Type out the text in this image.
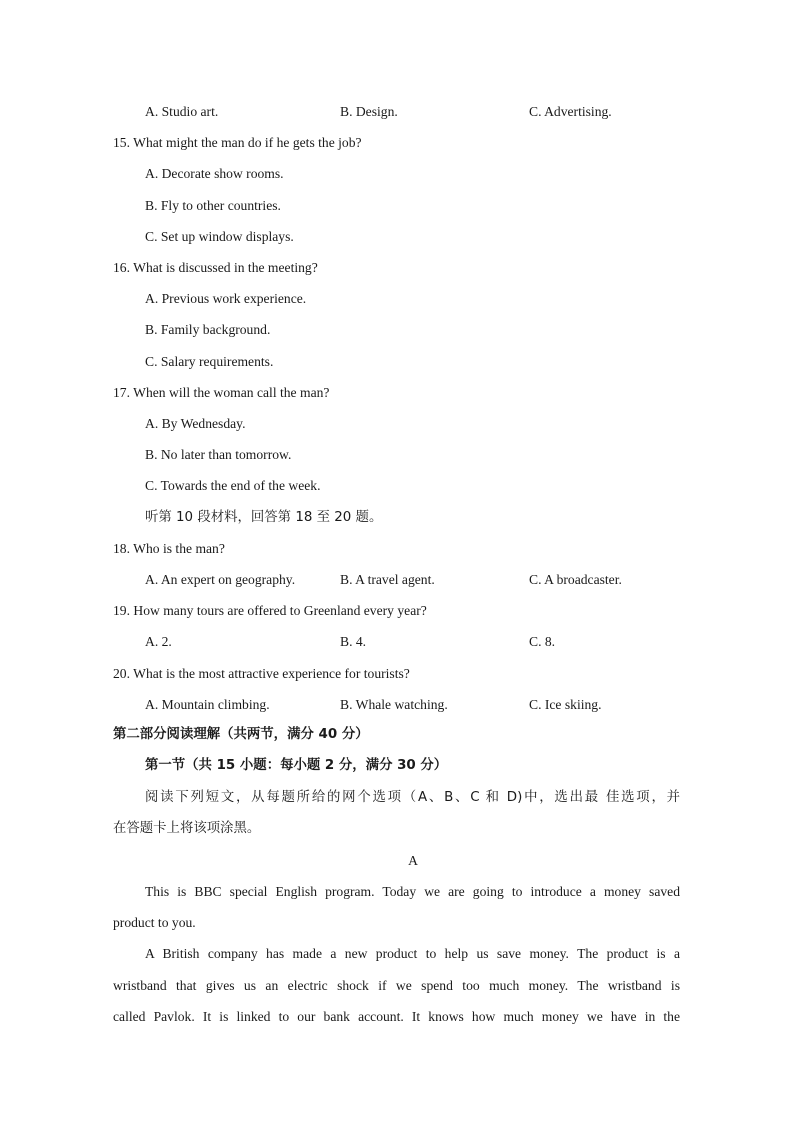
A. Studio art.	B. Design.	C. Advertising.
15. What might the man do if he gets the job?
A. Decorate show rooms.
B. Fly to other countries.
C. Set up window displays.
16. What is discussed in the meeting?
A. Previous work experience.
B. Family background.
C. Salary requirements.
17. When will the woman call the man?
A. By Wednesday.
B. No later than tomorrow.
C. Towards the end of the week.
听第 10 段材料，回答第 18 至 20 题。
18. Who is the man?
A. An expert on geography.	B. A travel agent.	C. A broadcaster.
19. How many tours are offered to Greenland every year?
A. 2.	B. 4.	C. 8.
20. What is the most attractive experience for tourists?
A. Mountain climbing.	B. Whale watching.	C. Ice skiing.
第二部分阅读理解（共两节，满分 40 分）
第一节（共 15 小题：每小题 2 分，满分 30 分）
阅读下列短文，从每题所给的网个选项（A、B、C 和 D)中，选出最 佳选项，并
在答题卡上将该项涂黑。
A
This is BBC special English program. Today we are going to introduce a money saved
product to you.
A British company has made a new product to help us save money. The product is a
wristband that gives us an electric shock if we spend too much money. The wristband is
called Pavlok. It is linked to our bank account. It knows how much money we have in the
